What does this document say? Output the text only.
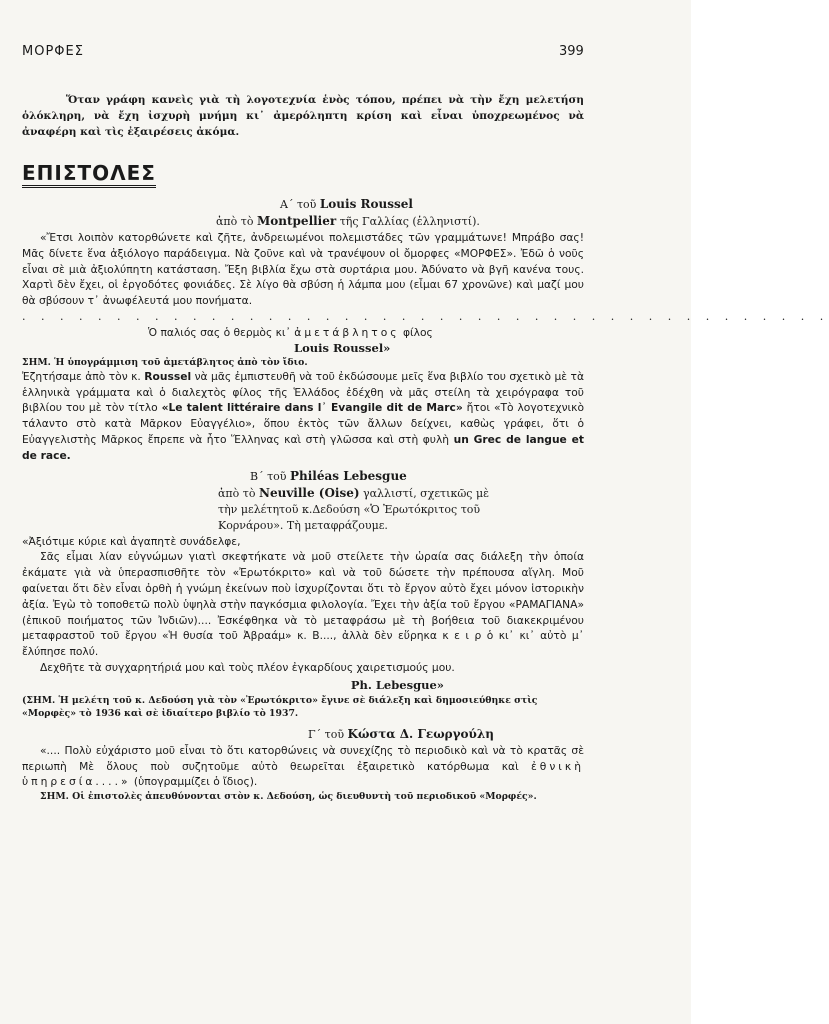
ΜΟΡΦΕΣ	399

Ὅταν γράφη κανεὶς γιὰ τὴ λογοτεχνία ἑνὸς τόπου, πρέπει νὰ τὴν ἔχη μελετήση ὁλόκληρη, νὰ ἔχη ἰσχυρὴ μνήμη κι᾽ ἀμερόληπτη κρίση καὶ εἶναι ὑποχρεωμένος νὰ ἀναφέρη καὶ τὶς ἐξαιρέσεις ἀκόμα.

ΕΠΙΣΤΟΛΕΣ

Α΄ τοῦ Louis Roussel

ἀπὸ τὸ Montpellier τῆς Γαλλίας (ἑλληνιστί).

«Ἔτσι λοιπὸν κατορθώνετε καὶ ζῆτε, ἀνδρειωμένοι πολεμιστάδες τῶν γραμμάτωνε! Μπράβο σας! Μᾶς δίνετε ἕνα ἀξιόλογο παράδειγμα. Νὰ ζοῦνε καὶ νὰ τρανέψουν οἱ ὄμορφες «ΜΟΡΦΕΣ». Ἐδῶ ὁ νοῦς εἶναι σὲ μιὰ ἀξιολύπητη κατάσταση. Ἔξη βιβλία ἔχω στὰ συρτάρια μου. Ἀδύνατο νὰ βγῆ κανένα τους. Χαρτὶ δὲν ἔχει, οἱ ἐργοδότες φονιάδες. Σὲ λίγο θὰ σβύση ἡ λάμπα μου (εἶμαι 67 χρονῶνε) καὶ μαζί μου θὰ σβύσουν τ᾽ ἀνωφέλευτά μου πονήματα.

. . . . . . . . . . . . . . . . . . . . . . . . . . . . . . . . . . . . . . . . . . .

Ὁ παλιός σας ὁ θερμὸς κι᾽ ἀμετάβλητος φίλος

Louis Roussel»

ΣΗΜ. Ἡ ὑπογράμμιση τοῦ ἀμετάβλητος ἀπὸ τὸν ἴδιο.

Ἐζητήσαμε ἀπὸ τὸν κ. Roussel νὰ μᾶς ἐμπιστευθῆ νὰ τοῦ ἐκδώσουμε μεῖς ἕνα βιβλίο του σχετικὸ μὲ τὰ ἑλληνικὰ γράμματα καὶ ὁ διαλεχτὸς φίλος τῆς Ἑλλάδος ἐδέχθη νὰ μᾶς στείλη τὰ χειρόγραφα τοῦ βιβλίου του μὲ τὸν τίτλο «Le talent littéraire dans l᾽ Evangile dit de Marc» ἤτοι «Τὸ λογοτεχνικὸ τάλαντο στὸ κατὰ Μᾶρκον Εὐαγγέλιο», ὅπου ἐκτὸς τῶν ἄλλων δείχνει, καθὼς γράφει, ὅτι ὁ Εὐαγγελιστὴς Μᾶρκος ἔπρεπε νὰ ἦτο Ἕλληνας καὶ στὴ γλῶσσα καὶ στὴ φυλὴ un Grec de langue et de race.

Β΄ τοῦ Philéas Lebesgue

ἀπὸ τὸ Neuville (Oise) γαλλιστί, σχετικῶς μὲ

τὴν μελέτητοῦ κ.Δεδούση «Ὁ Ἐρωτόκριτος τοῦ

Κορνάρου». Τὴ μεταφράζουμε.

«Ἀξιότιμε κύριε καὶ ἀγαπητὲ συνάδελφε,

Σᾶς εἶμαι λίαν εὐγνώμων γιατὶ σκεφτήκατε νὰ μοῦ στείλετε τὴν ὡραία σας διάλεξη τὴν ὁποία ἐκάματε γιὰ νὰ ὑπερασπισθῆτε τὸν «Ἐρωτόκριτο» καὶ νὰ τοῦ δώσετε τὴν πρέπουσα αἴγλη. Μοῦ φαίνεται ὅτι δὲν εἶναι ὀρθὴ ἡ γνώμη ἐκείνων ποὺ ἰσχυρίζονται ὅτι τὸ ἔργον αὐτὸ ἔχει μόνον ἱστορικὴν ἀξία. Ἐγὼ τὸ τοποθετῶ πολὺ ὑψηλὰ στὴν παγκόσμια φιλολογία. Ἔχει τὴν ἀξία τοῦ ἔργου «ΡΑΜΑΓΙΑΝΑ» (ἐπικοῦ ποιήματος τῶν Ἰνδιῶν).... Ἐσκέφθηκα νὰ τὸ μεταφράσω μὲ τὴ βοήθεια τοῦ διακεκριμένου μεταφραστοῦ τοῦ ἔργου «Ἡ θυσία τοῦ Ἀβραάμ» κ. Β...., ἀλλὰ δὲν εὕρηκα κ ε ι ρ ὁ κι᾽ κι᾽ αὐτὸ μ᾽ ἔλύπησε πολύ.

Δεχθῆτε τὰ συγχαρητήριά μου καὶ τοὺς πλέον ἐγκαρδίους χαιρετισμούς μου.

Ph. Lebesgue»

(ΣΗΜ. Ἡ μελέτη τοῦ κ. Δεδούση γιὰ τὸν «Ἐρωτόκριτο» ἔγινε σὲ διάλεξη καὶ δημοσιεύθηκε στὶς «Μορφὲς» τὸ 1936 καὶ σὲ ἰδιαίτερο βιβλίο τὸ 1937.

Γ΄ τοῦ Κώστα Δ. Γεωργούλη

«.... Πολὺ εὐχάριστο μοῦ εἶναι τὸ ὅτι κατορθώνεις νὰ συνεχίζης τὸ περιοδικὸ καὶ νὰ τὸ κρατᾶς σὲ περιωπὴ Μὲ ὅλους ποὺ συζητοῦμε αὐτὸ θεωρεῖται ἐξαιρετικὸ κατόρθωμα καὶ ἐθνικὴ ὑπηρεσία....» (ὑπογραμμίζει ὁ ἴδιος).

ΣΗΜ. Οἱ ἐπιστολὲς ἀπευθύνονται στὸν κ. Δεδούση, ὡς διευθυντὴ τοῦ περιοδικοῦ «Μορφές».
